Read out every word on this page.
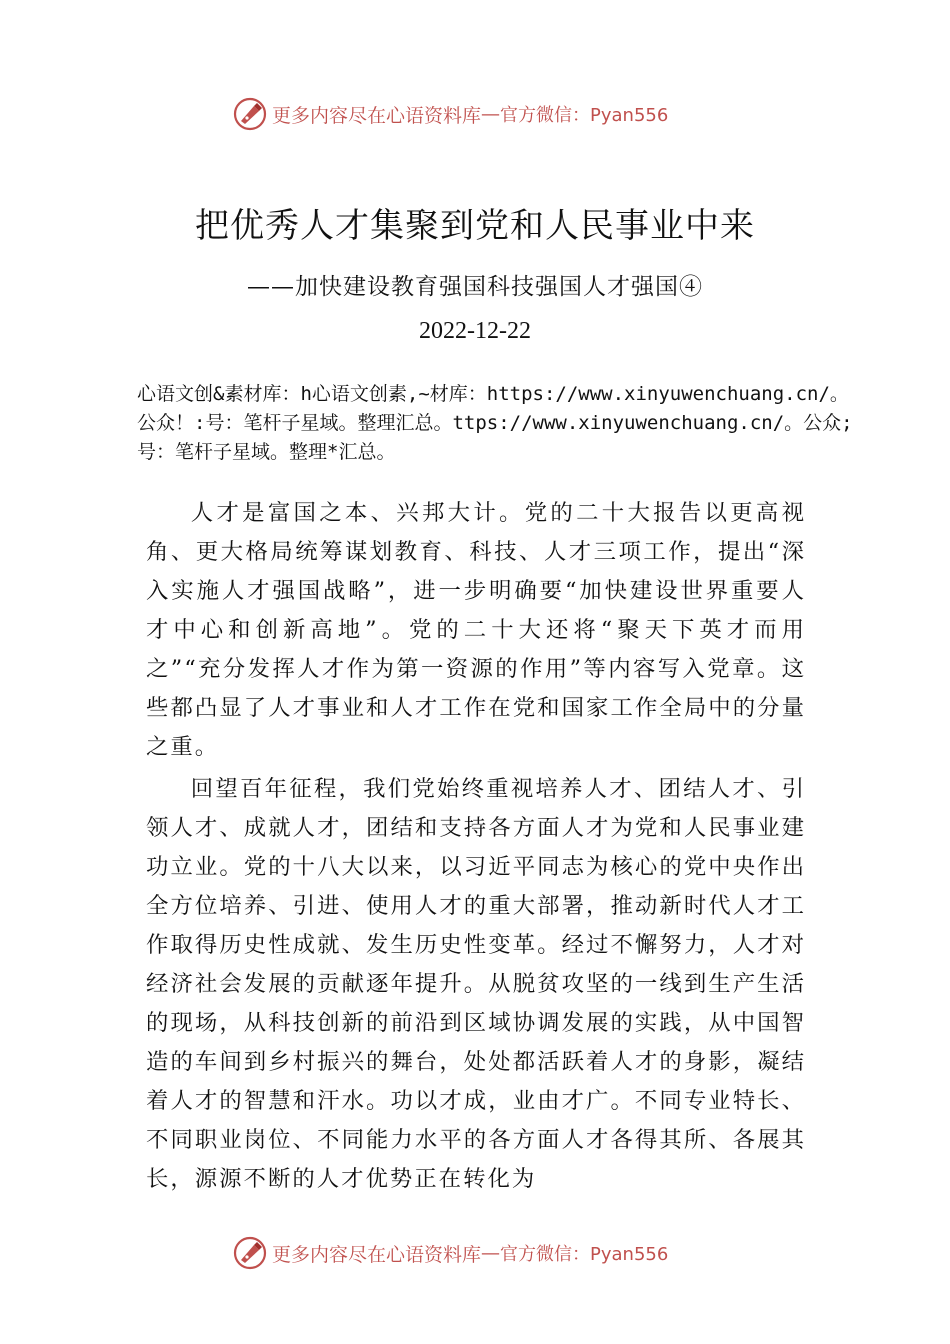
更多内容尽在心语资料库 — 官方微信：Pyan556
把优秀人才集聚到党和人民事业中来
——加快建设教育强国科技强国人才强国④
2022-12-22
心语文创&素材库：h心语文创素,~材库：https://www.xinyuwenchuang.cn/。公众！:号：笔杆子星域。整理汇总。ttps://www.xinyuwenchuang.cn/。公众;号：笔杆子星域。整理*汇总。

人才是富国之本、兴邦大计。党的二十大报告以更高视角、更大格局统筹谋划教育、科技、人才三项工作，提出“深入实施人才强国战略”，进一步明确要“加快建设世界重要人才中心和创新高地”。党的二十大还将“聚天下英才而用之”“充分发挥人才作为第一资源的作用”等内容写入党章。这些都凸显了人才事业和人才工作在党和国家工作全局中的分量之重。

回望百年征程，我们党始终重视培养人才、团结人才、引领人才、成就人才，团结和支持各方面人才为党和人民事业建功立业。党的十八大以来，以习近平同志为核心的党中央作出全方位培养、引进、使用人才的重大部署，推动新时代人才工作取得历史性成就、发生历史性变革。经过不懈努力，人才对经济社会发展的贡献逐年提升。从脱贫攻坚的一线到生产生活的现场，从科技创新的前沿到区域协调发展的实践，从中国智造的车间到乡村振兴的舞台，处处都活跃着人才的身影，凝结着人才的智慧和汗水。功以才成，业由才广。不同专业特长、不同职业岗位、不同能力水平的各方面人才各得其所、各展其长，源源不断的人才优势正在转化为

更多内容尽在心语资料库 — 官方微信：Pyan556
